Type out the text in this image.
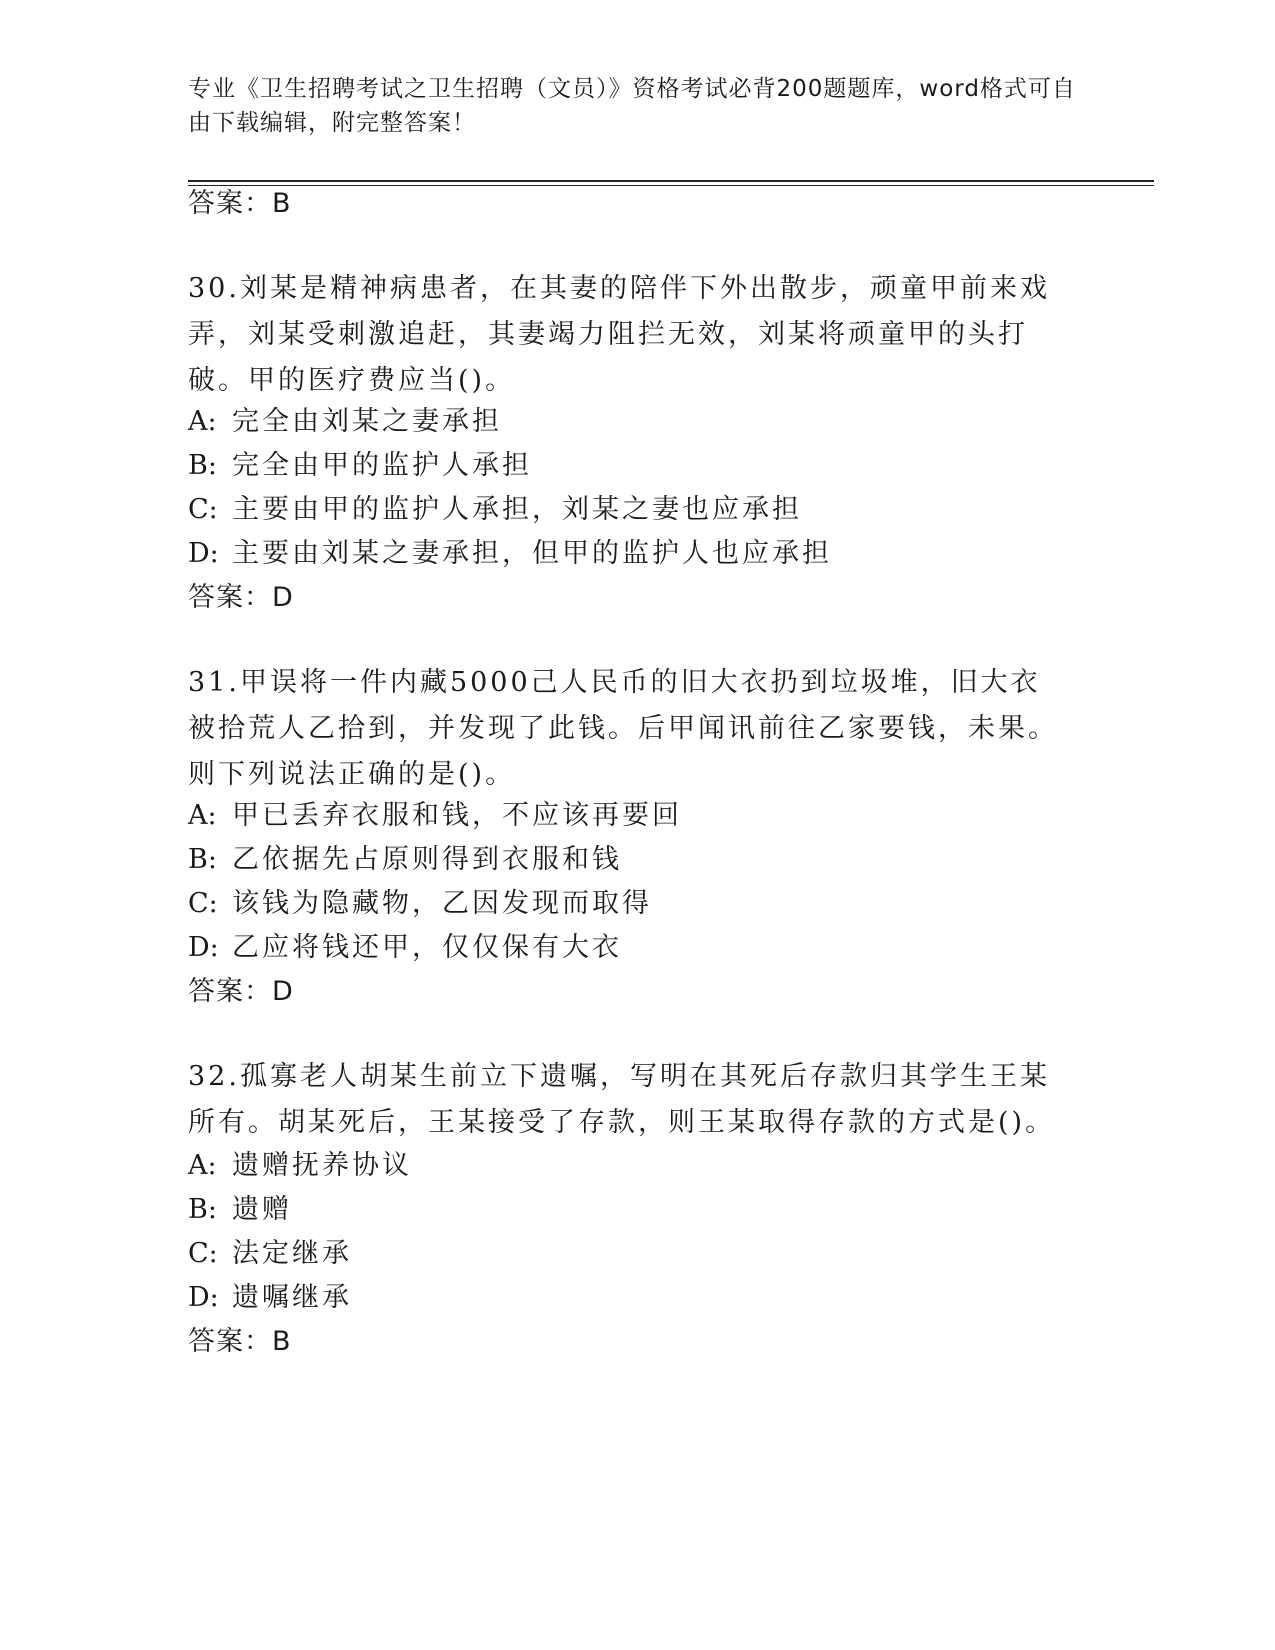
专业《卫生招聘考试之卫生招聘（文员）》资格考试必背200题题库，word格式可自由下载编辑，附完整答案！
答案：B
30.刘某是精神病患者，在其妻的陪伴下外出散步，顽童甲前来戏弄，刘某受刺激追赶，其妻竭力阻拦无效，刘某将顽童甲的头打破。甲的医疗费应当()。
A: 完全由刘某之妻承担
B: 完全由甲的监护人承担
C: 主要由甲的监护人承担，刘某之妻也应承担
D: 主要由刘某之妻承担，但甲的监护人也应承担
答案：D
31.甲误将一件内藏5000己人民币的旧大衣扔到垃圾堆，旧大衣被拾荒人乙拾到，并发现了此钱。后甲闻讯前往乙家要钱，未果。则下列说法正确的是()。
A: 甲已丢弃衣服和钱，不应该再要回
B: 乙依据先占原则得到衣服和钱
C: 该钱为隐藏物，乙因发现而取得
D: 乙应将钱还甲，仅仅保有大衣
答案：D
32.孤寡老人胡某生前立下遗嘱，写明在其死后存款归其学生王某所有。胡某死后，王某接受了存款，则王某取得存款的方式是()。
A: 遗赠抚养协议
B: 遗赠
C: 法定继承
D: 遗嘱继承
答案：B
